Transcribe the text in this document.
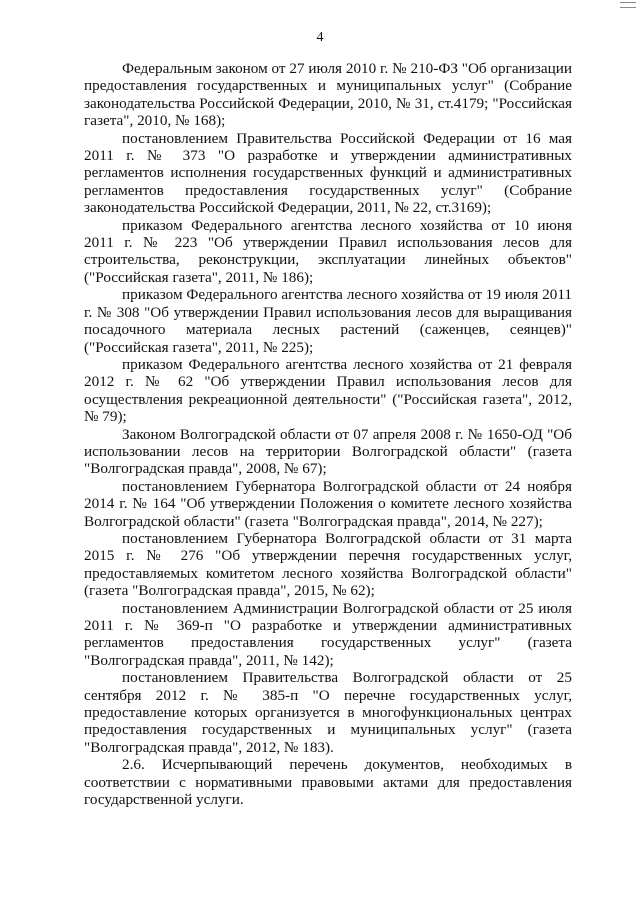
4

Федеральным законом от 27 июля 2010 г. № 210-ФЗ "Об организации предоставления государственных и муниципальных услуг" (Собрание законодательства Российской Федерации, 2010, № 31, ст.4179; "Российская газета", 2010, № 168);

постановлением Правительства Российской Федерации от 16 мая 2011 г. № 373 "О разработке и утверждении административных регламентов исполнения государственных функций и административных регламентов предоставления государственных услуг" (Собрание законодательства Российской Федерации, 2011, № 22, ст.3169);

приказом Федерального агентства лесного хозяйства от 10 июня 2011 г. № 223 "Об утверждении Правил использования лесов для строительства, реконструкции, эксплуатации линейных объектов" ("Российская газета", 2011, № 186);

приказом Федерального агентства лесного хозяйства от 19 июля 2011 г. № 308 "Об утверждении Правил использования лесов для выращивания посадочного материала лесных растений (саженцев, сеянцев)" ("Российская газета", 2011, № 225);

приказом Федерального агентства лесного хозяйства от 21 февраля 2012 г. № 62 "Об утверждении Правил использования лесов для осуществления рекреационной деятельности" ("Российская газета", 2012, № 79);

Законом Волгоградской области от 07 апреля 2008 г. № 1650-ОД "Об использовании лесов на территории Волгоградской области" (газета "Волгоградская правда", 2008, № 67);

постановлением Губернатора Волгоградской области от 24 ноября 2014 г. № 164 "Об утверждении Положения о комитете лесного хозяйства Волгоградской области" (газета "Волгоградская правда", 2014, № 227);

постановлением Губернатора Волгоградской области от 31 марта 2015 г. № 276 "Об утверждении перечня государственных услуг, предоставляемых комитетом лесного хозяйства Волгоградской области" (газета "Волгоградская правда", 2015, № 62);

постановлением Администрации Волгоградской области от 25 июля 2011 г. № 369-п "О разработке и утверждении административных регламентов предоставления государственных услуг" (газета "Волгоградская правда", 2011, № 142);

постановлением Правительства Волгоградской области от 25 сентября 2012 г. № 385-п "О перечне государственных услуг, предоставление которых организуется в многофункциональных центрах предоставления государственных и муниципальных услуг" (газета "Волгоградская правда", 2012, № 183).

2.6. Исчерпывающий перечень документов, необходимых в соответствии с нормативными правовыми актами для предоставления государственной услуги.
